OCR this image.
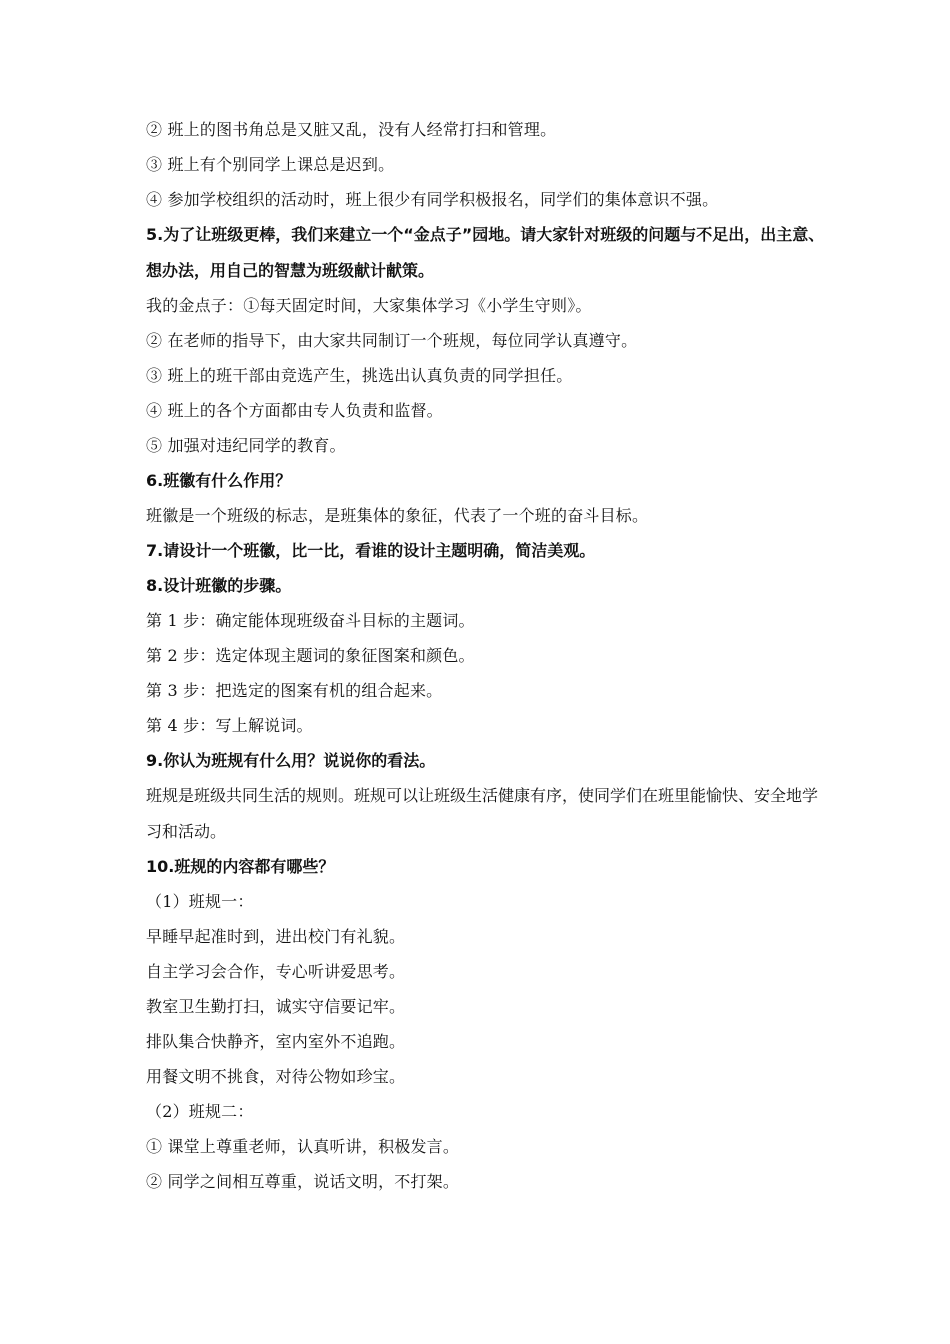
② 班上的图书角总是又脏又乱，没有人经常打扫和管理。
③ 班上有个别同学上课总是迟到。
④ 参加学校组织的活动时，班上很少有同学积极报名，同学们的集体意识不强。
5.为了让班级更棒，我们来建立一个“金点子”园地。请大家针对班级的问题与不足出，出主意、想办法，用自己的智慧为班级献计献策。
我的金点子：①每天固定时间，大家集体学习《小学生守则》。
② 在老师的指导下，由大家共同制订一个班规，每位同学认真遵守。
③ 班上的班干部由竞选产生，挑选出认真负责的同学担任。
④ 班上的各个方面都由专人负责和监督。
⑤ 加强对违纪同学的教育。
6.班徽有什么作用？
班徽是一个班级的标志，是班集体的象征，代表了一个班的奋斗目标。
7.请设计一个班徽，比一比，看谁的设计主题明确，简洁美观。
8.设计班徽的步骤。
第 1 步：确定能体现班级奋斗目标的主题词。
第 2 步：选定体现主题词的象征图案和颜色。
第 3 步：把选定的图案有机的组合起来。
第 4 步：写上解说词。
9.你认为班规有什么用？说说你的看法。
班规是班级共同生活的规则。班规可以让班级生活健康有序，使同学们在班里能愉快、安全地学习和活动。
10.班规的内容都有哪些？
（1）班规一：
早睡早起准时到，进出校门有礼貌。
自主学习会合作，专心听讲爱思考。
教室卫生勤打扫，诚实守信要记牢。
排队集合快静齐，室内室外不追跑。
用餐文明不挑食，对待公物如珍宝。
（2）班规二：
① 课堂上尊重老师，认真听讲，积极发言。
② 同学之间相互尊重，说话文明，不打架。
